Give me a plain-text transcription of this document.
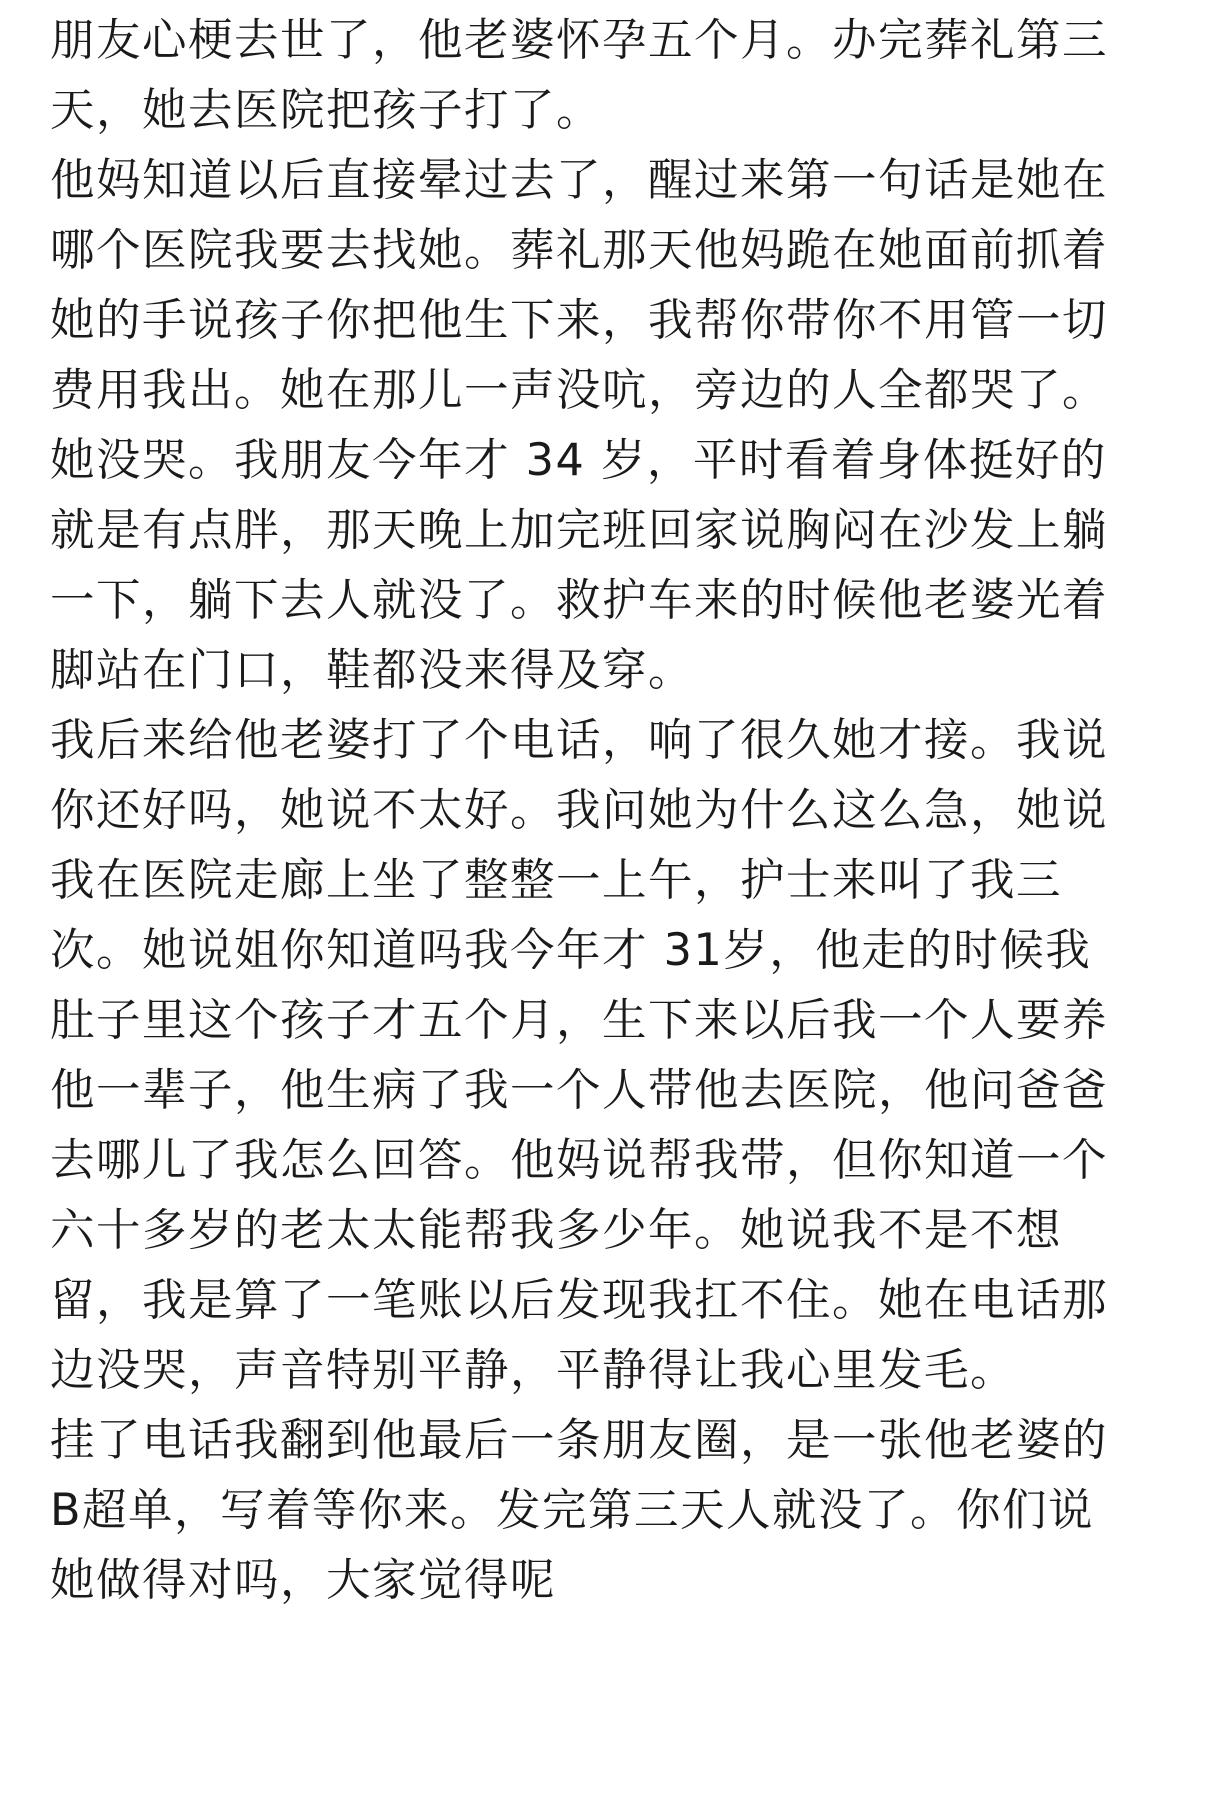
朋友心梗去世了，他老婆怀孕五个月。办完葬礼第三
天，她去医院把孩子打了。
他妈知道以后直接晕过去了，醒过来第一句话是她在
哪个医院我要去找她。葬礼那天他妈跪在她面前抓着
她的手说孩子你把他生下来，我帮你带你不用管一切
费用我出。她在那儿一声没吭，旁边的人全都哭了。
她没哭。我朋友今年才 34 岁，平时看着身体挺好的
就是有点胖，那天晚上加完班回家说胸闷在沙发上躺
一下，躺下去人就没了。救护车来的时候他老婆光着
脚站在门口，鞋都没来得及穿。
我后来给他老婆打了个电话，响了很久她才接。我说
你还好吗，她说不太好。我问她为什么这么急，她说
我在医院走廊上坐了整整一上午，护士来叫了我三
次。她说姐你知道吗我今年才 31岁，他走的时候我
肚子里这个孩子才五个月，生下来以后我一个人要养
他一辈子，他生病了我一个人带他去医院，他问爸爸
去哪儿了我怎么回答。他妈说帮我带，但你知道一个
六十多岁的老太太能帮我多少年。她说我不是不想
留，我是算了一笔账以后发现我扛不住。她在电话那
边没哭，声音特别平静，平静得让我心里发毛。
挂了电话我翻到他最后一条朋友圈，是一张他老婆的
B超单，写着等你来。发完第三天人就没了。你们说
她做得对吗，大家觉得呢
